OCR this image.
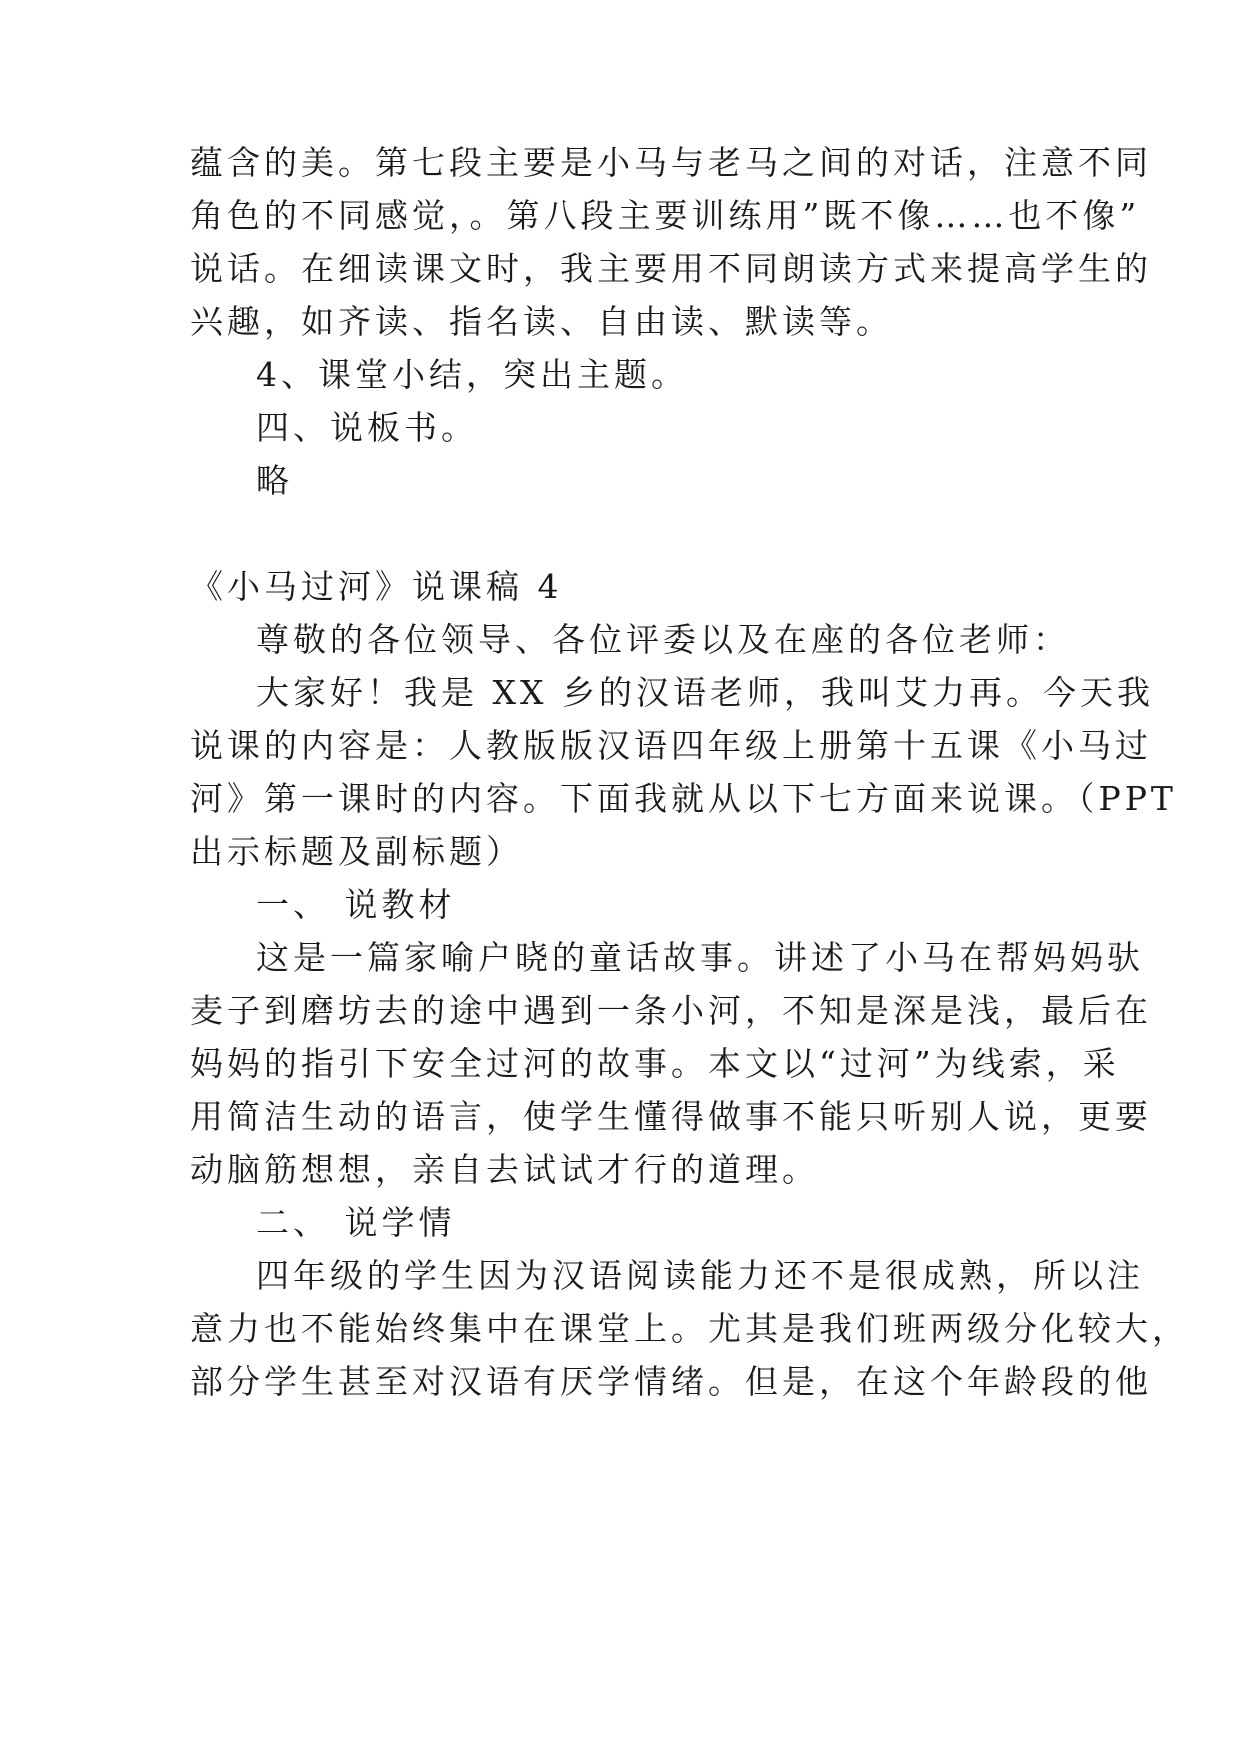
蕴含的美。第七段主要是小马与老马之间的对话，注意不同
角色的不同感觉，。第八段主要训练用”既不像……也不像”
说话。在细读课文时，我主要用不同朗读方式来提高学生的
兴趣，如齐读、指名读、自由读、默读等。
4、课堂小结，突出主题。
四、说板书。
略
《小马过河》说课稿 4
尊敬的各位领导、各位评委以及在座的各位老师：
大家好！我是 XX 乡的汉语老师，我叫艾力再。今天我
说课的内容是：人教版版汉语四年级上册第十五课《小马过
河》第一课时的内容。下面我就从以下七方面来说课。（PPT
出示标题及副标题）
一、 说教材
这是一篇家喻户晓的童话故事。讲述了小马在帮妈妈驮
麦子到磨坊去的途中遇到一条小河，不知是深是浅，最后在
妈妈的指引下安全过河的故事。本文以“过河”为线索，采
用简洁生动的语言，使学生懂得做事不能只听别人说，更要
动脑筋想想，亲自去试试才行的道理。
二、 说学情
四年级的学生因为汉语阅读能力还不是很成熟，所以注
意力也不能始终集中在课堂上。尤其是我们班两级分化较大，
部分学生甚至对汉语有厌学情绪。但是，在这个年龄段的他
